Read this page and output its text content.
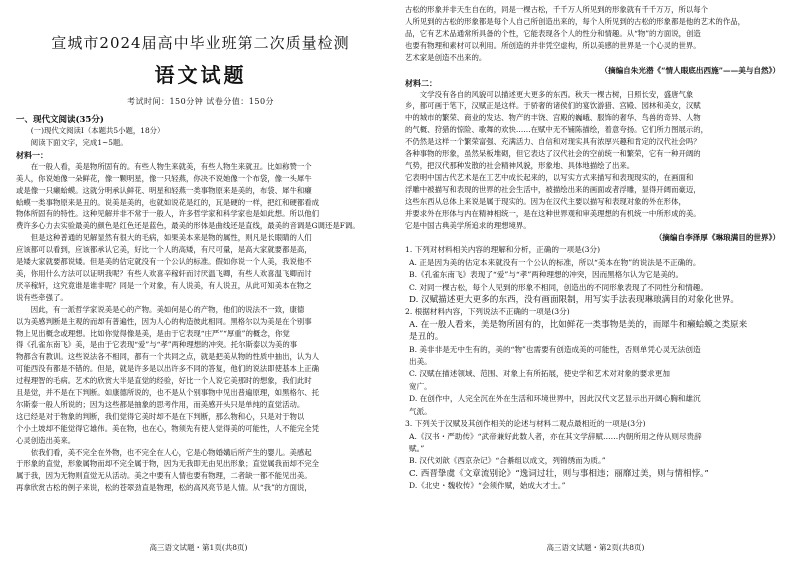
宣城市2024届高中毕业班第二次质量检测
语文试题
考试时间：150分钟 试卷分值：150分
一、现代文阅读(35分)

(一)现代文阅读Ⅰ（本题共5小题，18分）

阅读下面文字，完成1~5题。

材料一：

在一般人看，美是物所固有的。有些人物生来就美，有些人物生来就丑。比如称赞一个

美人，你说她像一朵鲜花，像一颗明星，像一只轻燕，你决不说她像一个布袋，像一头犀牛

或是像一只癞蛤蟆。这就分明承认鲜花、明星和轻燕一类事物原来是美的，布袋、犀牛和癞

蛤蟆一类事物原来是丑的。说美是美的，也就如说花是红的，瓦是硬的一样，把红和硬都看成

物体所固有的特性。这种见解并非不常于一般人，许多哲学家和科学家也是如此想。所以他们

费许多心力去实验最美的颜色是红色还是蓝色，最美的形体是曲线还是直线，最美的音调是G调还是F调。

但是这种普通的见解显然有很大的毛病，如果美本来是物的属性，则凡是长眼睛的人们

应该都可以看到，应该都承认它美，好比一个人的高矮，有尺可量，是高大家就要都是高，

是矮大家就要都说矮。但是美的估定就没有一个公认的标准。假如你说一个人美，我说他不

美，你用什么方法可以证明我呢？有些人欢喜辛稼轩而讨厌温飞卿，有些人欢喜温飞卿而讨

厌辛稼轩，这究竟谁是谁非呢？同是一个对象，有人说美，有人说丑，从此可知美本在物之

说有些牵强了。

因此，有一派哲学家说美是心的产物。美如何是心的产物，他们的说法不一致，康德

以为美感判断是主观的而却有普遍性，因为人心的构造彼此相同。黑格尔以为美是在个别事

物上见出概念或理想。比如你觉得像是美，是由于它表现“庄严”“厚重”的概念，你觉

得《孔雀东南飞》美，是由于它表现“爱”与“孝”两种理想的冲突。托尔斯泰以为美的事

物都含有教训。这些说法各不相同，都有一个共同之点，就是把美从物的性质中抽出，认为人

可能西没有都是不错的。但是，就是许多是以出许多不同的答复，他们的说法即使基本上正确

过程理智的毛病。艺术的欣赏大半是直觉的经验，好比一个人说它美那时的想象，我们此时

且是觉，并不是在下判断。如康德所说的，也不是从个别事物中见出普遍原理，如黑格尔、托

尔斯泰一般人所说的；因为这些都是抽象的思考作用，而美感开头只是单纯的直觉活动。

这已经是对于物象的判断，我们觉得它美时却不是在下判断，那么物和心，只是对于物以

个小土坡却不能觉得它雄伟。美在物，也在心，物须先有使人觉得美的可能性，人不能完全凭

心灵创造出美来。

依我们看，美不完全在外物，也不完全在人心，它是心物婚媾后所产生的婴儿。美感起

于形象的直觉，形象属物而却不完全属于物，因为无我即无由见出形象；直觉属我而却不完全

属于我，因为无物则直觉无从活动。美之中要有人情也要有物理，二者缺一都不能见出美。

再拿欣赏古松的例子来说，松的苍翠劲直是物理，松的高风亮节是人情。从“我”的方面说，

高三语文试题・第1页(共8页)

古松的形象并非天生自在的，同是一棵古松，千千万人所见到的形象就有千千万万，所以每个

人所见到的古松的形象都是每个人自己所创造出来的，每个人所见到的古松的形象都是他的艺术的作品，

品，它有艺术品通常所具备的个性，它能表现各个人的性分和情趣。从“物”的方面说，创造

也要有物理和素材可以利用。所创造的并非凭空虚构，所以美感的世界是一个心灵的世界。

艺术家是创造不出来的。

（摘编自朱光潜《“情人眼底出西施”——美与自然》）
材料二：

文学没有各自的风貌可以描述更大更多的东西。秋天一棵古树，日照长安，盛唐气象

乡，都可画于笔下，汉赋正是这样。于骄奢的诸侯们的宴饮游猎、宫殿、园林和美女，汉赋

中的城市的繁荣、商业的发达、物产的丰饶、宫殿的巍峨、服饰的奢华、鸟兽的奇异、人物

的气概、狩猎的惊险、歌舞的欢快……在赋中无不铺陈描绘，着意夸扬。它们所力图展示的，

不仍然是这样一个繁荣富强、充满活力、自信和对现实具有浓厚兴趣和肯定的汉代社会吗？

各种事物的形象，虽然呆板堆砌，但它表达了汉代社会的空前统一和繁荣，它有一种开阔的

气势，把汉代那种发散的社会精神风貌，形象地、具体地描绘了出来。

它表明中国古代艺术是在工艺中成长起来的，以写实方式来描写和表现现实的，在画面和

浮雕中被描写和表现的世界的社会生活中，被描绘出来的画面或者浮雕，显得开阔而豪迈，

这些东西从总体上来说是属于现实的。因为在汉代主要以描写和表现对象的外在形体，

并要求外在形体与内在精神相统一，是在这种世界观和审美理想的有机统一中所形成的美。

它是中国古典美学所追求的理想境界。

（摘编自李泽厚《琳琅满目的世界》）

1. 下列对材料相关内容的理解和分析，正确的一项是(3分)

A. 正是因为美的估定本来就没有一个公认的标准，所以“美本在物”的说法是不正确的。

B.《孔雀东南飞》表现了“爱”与“孝”两种理想的冲突，因而黑格尔认为它是美的。

C. 对同一棵古松，每个人见到的形象不相同，创造出的不同形象表现了不同性分和情趣。

D. 汉赋描述更大更多的东西，没有画面限制，用写实手法表现琳琅满目的对象化世界。

2. 根据材料内容，下列说法不正确的一项是(3分)

A. 在一般人看来，美是物所固有的，比如鲜花一类事物是美的，而犀牛和癞蛤蟆之类原来

是丑的。

B. 美非非是无中生有的，美的“物”也需要有创造成美的可能性，否则单凭心灵无法创造

出美。

C. 汉赋在描述领域、范围、对象上有所拓展，使史学和艺术对对象的要求更加

宽广。

D. 在创作中，人完全沉在外在生活和环境世界中，因此汉代文艺显示出开阔心胸和雄沉

气派。

3. 下列关于汉赋及其创作相关的论述与材料二观点最相近的一项是(3分)

A.《汉书・严助传》“武帝兼好此数人者，亦在其文学辞赋……内朝所用之侍从则尽贵辞

赋。”

B. 汉代刘歆《西京杂记》“合綦组以成文，列锦绣而为质。”

C. 西晋挚虞《文章流别论》“逸词过壮，则与事相违；丽靡过美，则与情相悖。”

D.《北史・魏收传》“会须作赋，始成大才士。”

高三语文试题・第2页(共8页)
